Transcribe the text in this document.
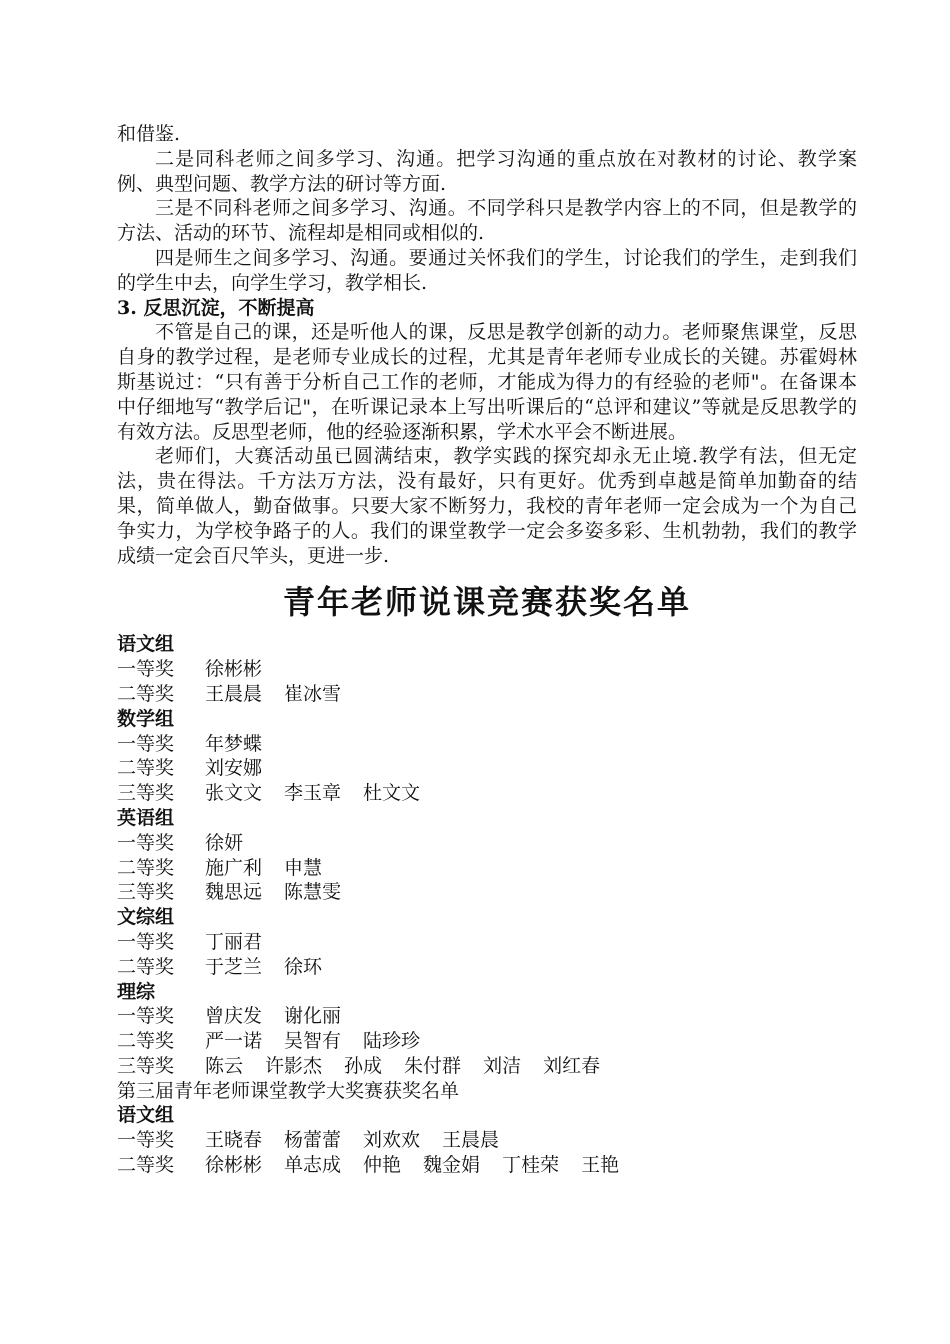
和借鉴.

二是同科老师之间多学习、沟通。把学习沟通的重点放在对教材的讨论、教学案例、典型问题、教学方法的研讨等方面.

三是不同科老师之间多学习、沟通。不同学科只是教学内容上的不同，但是教学的方法、活动的环节、流程却是相同或相似的.

四是师生之间多学习、沟通。要通过关怀我们的学生，讨论我们的学生，走到我们的学生中去，向学生学习，教学相长.

3. 反思沉淀，不断提高

不管是自己的课，还是听他人的课，反思是教学创新的动力。老师聚焦课堂，反思自身的教学过程，是老师专业成长的过程，尤其是青年老师专业成长的关键。苏霍姆林斯基说过：“只有善于分析自己工作的老师，才能成为得力的有经验的老师"。在备课本中仔细地写“教学后记"，在听课记录本上写出听课后的“总评和建议”等就是反思教学的有效方法。反思型老师，他的经验逐渐积累，学术水平会不断进展。

老师们，大赛活动虽已圆满结束，教学实践的探究却永无止境.教学有法，但无定法，贵在得法。千方法万方法，没有最好，只有更好。优秀到卓越是简单加勤奋的结果，简单做人，勤奋做事。只要大家不断努力，我校的青年老师一定会成为一个为自己争实力，为学校争路子的人。我们的课堂教学一定会多姿多彩、生机勃勃，我们的教学成绩一定会百尺竿头，更进一步.

青年老师说课竞赛获奖名单

语文组

一等奖 徐彬彬

二等奖 王晨晨 崔冰雪

数学组

一等奖 年梦蝶

二等奖 刘安娜

三等奖 张文文 李玉章 杜文文

英语组

一等奖 徐妍

二等奖 施广利 申慧

三等奖 魏思远 陈慧雯

文综组

一等奖 丁丽君

二等奖 于芝兰 徐环

理综

一等奖 曾庆发 谢化丽

二等奖 严一诺 吴智有 陆珍珍

三等奖 陈云 许影杰 孙成 朱付群 刘洁 刘红春

第三届青年老师课堂教学大奖赛获奖名单

语文组

一等奖 王晓春 杨蕾蕾 刘欢欢 王晨晨

二等奖 徐彬彬 单志成 仲艳 魏金娟 丁桂荣 王艳
